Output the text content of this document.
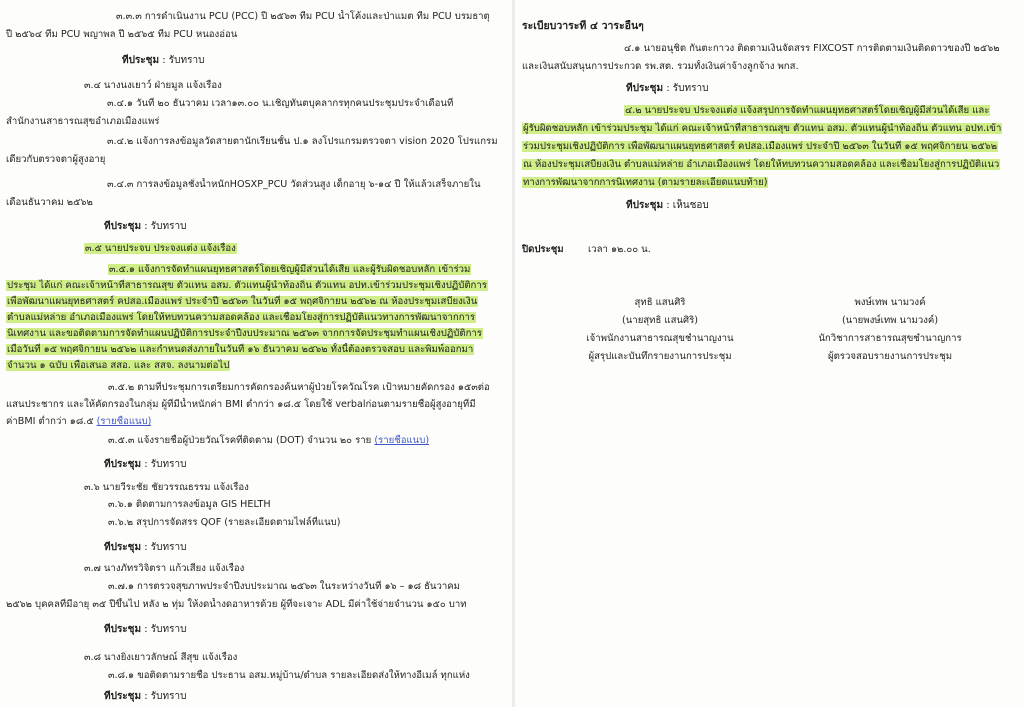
๓.๓.๓ การดำเนินงาน PCU (PCC) ปี ๒๕๖๓ ทีม PCU น้ำโค้งและป่าแมต ทีม PCU บรมธาตุ
ปี ๒๕๖๔ ทีม PCU พญาพล ปี ๒๕๖๕ ทีม PCU หนองอ่อน
ที่ประชุม : รับทราบ
๓.๔ นางนงเยาว์ ฝ่ายมูล แจ้งเรื่อง
๓.๔.๑ วันที่ ๒๐ ธันวาคม เวลา๑๓.๐๐ น.เชิญทันตบุคลากรทุกคนประชุมประจำเดือนที่
สำนักงานสาธารณสุขอำเภอเมืองแพร่
๓.๔.๒ แจ้งการลงข้อมูลวัดสายตานักเรียนชั้น ป.๑ ลงโปรแกรมตรวจตา vision 2020 โปรแกรม
เดียวกับตรวจตาผู้สูงอายุ
๓.๔.๓ การลงข้อมูลชั่งน้ำหนักHOSXP_PCU วัดส่วนสูง เด็กอายุ ๖-๑๔ ปี ให้แล้วเสร็จภายใน
เดือนธันวาคม ๒๕๖๒
ที่ประชุม : รับทราบ
๓.๕ นายประจบ ประจงแต่ง แจ้งเรื่อง
๓.๕.๑ แจ้งการจัดทำแผนยุทธศาสตร์โดยเชิญผู้มีส่วนได้เสีย และผู้รับผิดชอบหลัก เข้าร่วม
ประชุม ได้แก่ คณะเจ้าหน้าที่สาธารณสุข ตัวแทน อสม. ตัวแทนผู้นำท้องถิ่น ตัวแทน อปท.เข้าร่วมประชุมเชิงปฏิบัติการ
เพื่อพัฒนาแผนยุทธศาสตร์ คปสอ.เมืองแพร่ ประจำปี ๒๕๖๓ ในวันที่ ๑๕ พฤศจิกายน ๒๕๖๒ ณ ห้องประชุมเสบียงเงิน
ตำบลแม่หล่าย อำเภอเมืองแพร่ โดยให้ทบทวนความสอดคล้อง และเชื่อมโยงสู่การปฏิบัติแนวทางการพัฒนาจากการ
นิเทศงาน และขอติดตามการจัดทำแผนปฏิบัติการประจำปีงบประมาณ ๒๕๖๓ จากการจัดประชุมทำแผนเชิงปฏิบัติการ
เมื่อวันที่ ๑๕ พฤศจิกายน ๒๕๖๒ และกำหนดส่งภายในวันที่ ๑๖ ธันวาคม ๒๕๖๒ ทั้งนี้ต้องตรวจสอบ และพิมพ์ออกมา
จำนวน ๑ ฉบับ เพื่อเสนอ สสอ. และ สสจ. ลงนามต่อไป
๓.๕.๒ ตามที่ประชุมการเตรียมการคัดกรองค้นหาผู้ป่วยโรควัณโรค เป้าหมายคัดกรอง ๑๕๓ต่อ
แสนประชากร และให้คัดกรองในกลุ่ม ผู้ที่มีน้ำหนักค่า BMI ต่ำกว่า ๑๘.๕ โดยใช้ verbalก่อนตามรายชื่อผู้สูงอายุที่มี
ค่าBMI ต่ำกว่า ๑๘.๕ (รายชื่อแนบ)
๓.๕.๓ แจ้งรายชื่อผู้ป่วยวัณโรคที่ติดตาม (DOT) จำนวน ๒๐ ราย (รายชื่อแนบ)
ที่ประชุม : รับทราบ
๓.๖ นายวีระชัย ชัยวรรณธรรม แจ้งเรื่อง
๓.๖.๑ ติดตามการลงข้อมูล GIS HELTH
๓.๖.๒ สรุปการจัดสรร QOF (รายละเอียดตามไฟล์ที่แนบ)
ที่ประชุม : รับทราบ
๓.๗ นางภัทรวิจิตรา แก้วเสียง แจ้งเรื่อง
๓.๗.๑ การตรวจสุขภาพประจำปีงบประมาณ ๒๕๖๓ ในระหว่างวันที่ ๑๖ – ๑๘ ธันวาคม
๒๕๖๒ บุคคลที่มีอายุ ๓๕ ปีขึ้นไป หลัง ๒ ทุ่ม ให้งดน้ำงดอาหารด้วย ผู้ที่จะเจาะ ADL มีค่าใช้จ่ายจำนวน ๑๕๐ บาท
ที่ประชุม : รับทราบ
๓.๘ นางยิ่งเยาวลักษณ์ สีสุข แจ้งเรื่อง
๓.๘.๑ ขอติดตามรายชื่อ ประธาน อสม.หมู่บ้าน/ตำบล รายละเอียดส่งให้ทางอีเมล์ ทุกแห่ง
ที่ประชุม : รับทราบ
ระเบียบวาระที่ ๔ วาระอื่นๆ
๔.๑ นายอนุชิต กันตะกาวง ติดตามเงินจัดสรร FIXCOST การติดตามเงินติดดาวของปี ๒๕๖๒
และเงินสนับสนุนการประกวด รพ.สต. รวมทั้งเงินค่าจ้างลูกจ้าง พกส.
ที่ประชุม : รับทราบ
๔.๒ นายประจบ ประจงแต่ง แจ้งสรุปการจัดทำแผนยุทธศาสตร์โดยเชิญผู้มีส่วนได้เสีย และ
ผู้รับผิดชอบหลัก เข้าร่วมประชุม ได้แก่ คณะเจ้าหน้าที่สาธารณสุข ตัวแทน อสม. ตัวแทนผู้นำท้องถิ่น ตัวแทน อปท.เข้า
ร่วมประชุมเชิงปฏิบัติการ เพื่อพัฒนาแผนยุทธศาสตร์ คปสอ.เมืองแพร่ ประจำปี ๒๕๖๓ ในวันที่ ๑๕ พฤศจิกายน ๒๕๖๒
ณ ห้องประชุมเสบียงเงิน ตำบลแม่หล่าย อำเภอเมืองแพร่ โดยให้ทบทวนความสอดคล้อง และเชื่อมโยงสู่การปฏิบัติแนว
ทางการพัฒนาจากการนิเทศงาน (ตามรายละเอียดแนบท้าย)
ที่ประชุม : เห็นชอบ
ปิดประชุม	เวลา ๑๒.๐๐ น.
สุทธิ แสนศิริ
(นายสุทธิ แสนศิริ)
เจ้าพนักงานสาธารณสุขชำนาญงาน
ผู้สรุปและบันทึกรายงานการประชุม
พงษ์เทพ นามวงค์
(นายพงษ์เทพ นามวงค์)
นักวิชาการสาธารณสุขชำนาญการ
ผู้ตรวจสอบรายงานการประชุม
